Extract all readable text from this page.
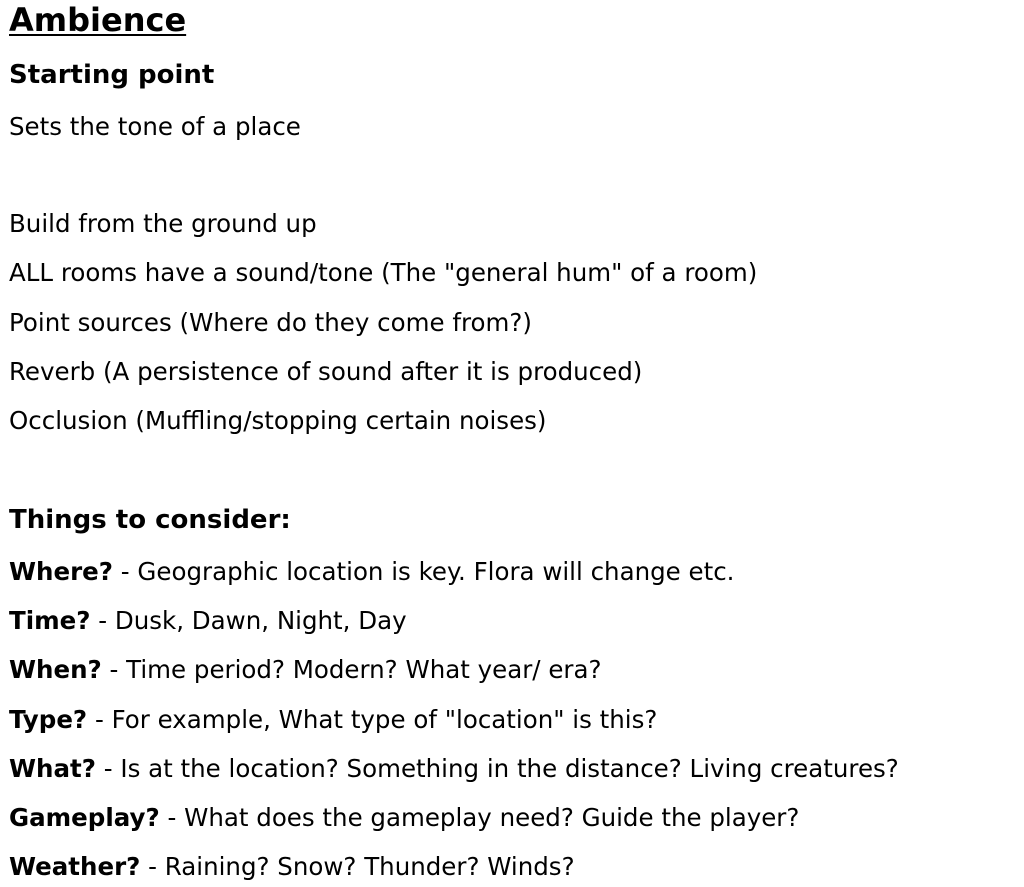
Ambience
Starting point
Sets the tone of a place
Build from the ground up
ALL rooms have a sound/tone (The "general hum" of a room)
Point sources (Where do they come from?)
Reverb (A persistence of sound after it is produced)
Occlusion (Muffling/stopping certain noises)
Things to consider:
Where? - Geographic location is key. Flora will change etc.
Time? - Dusk, Dawn, Night, Day
When? - Time period? Modern? What year/ era?
Type? - For example, What type of "location" is this?
What? - Is at the location? Something in the distance? Living creatures?
Gameplay? - What does the gameplay need? Guide the player?
Weather? - Raining? Snow? Thunder? Winds?
